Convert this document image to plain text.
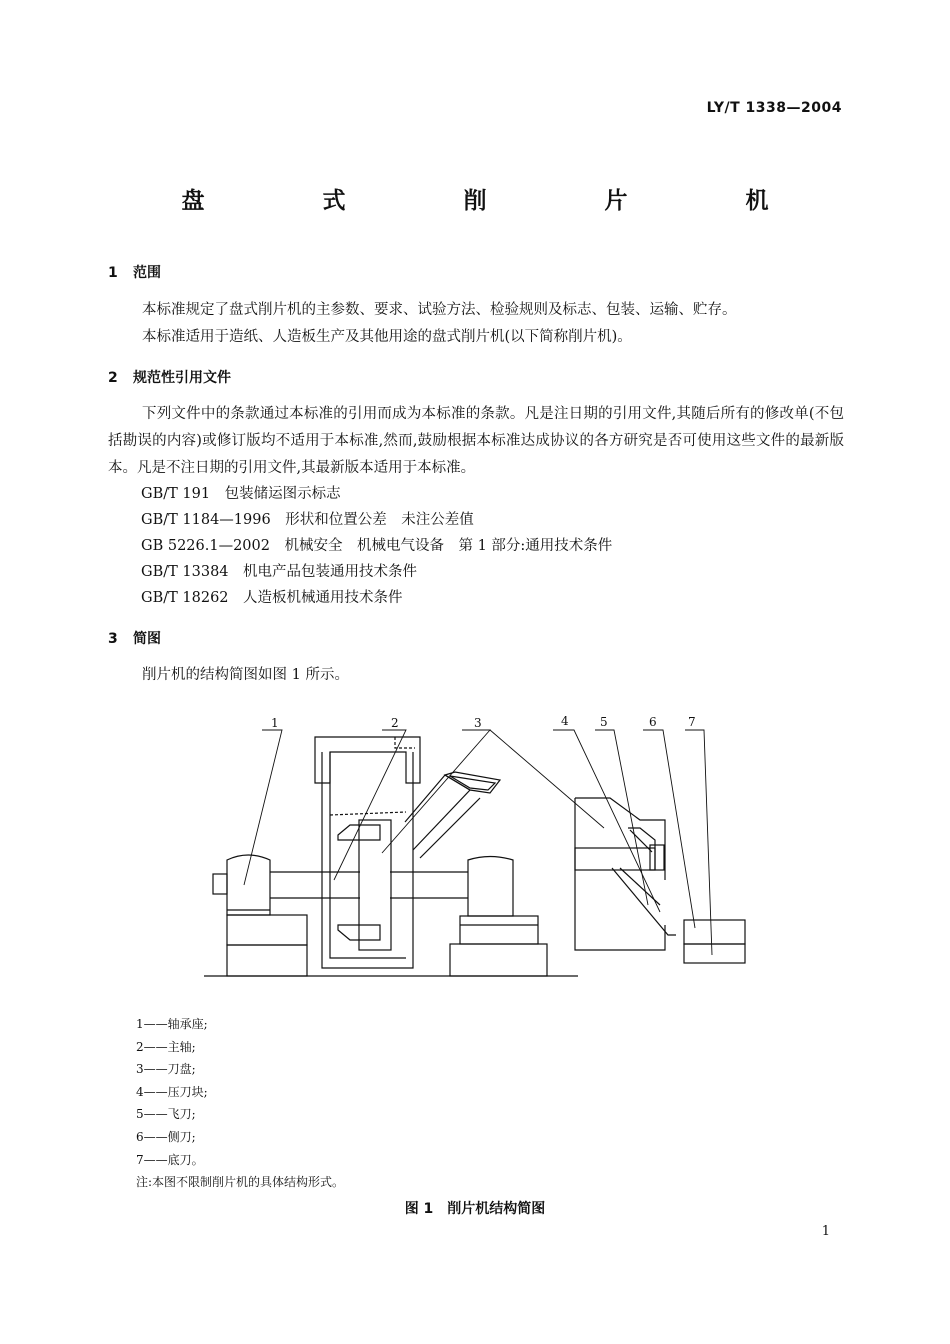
LY/T 1338—2004
盘 式 削 片 机
1 范围
本标准规定了盘式削片机的主参数、要求、试验方法、检验规则及标志、包装、运输、贮存。
本标准适用于造纸、人造板生产及其他用途的盘式削片机(以下简称削片机)。
2 规范性引用文件
下列文件中的条款通过本标准的引用而成为本标准的条款。凡是注日期的引用文件,其随后所有的修改单(不包括勘误的内容)或修订版均不适用于本标准,然而,鼓励根据本标准达成协议的各方研究是否可使用这些文件的最新版本。凡是不注日期的引用文件,其最新版本适用于本标准。
GB/T 191　包装储运图示标志
GB/T 1184—1996　形状和位置公差　未注公差值
GB 5226.1—2002　机械安全　机械电气设备　第 1 部分:通用技术条件
GB/T 13384　机电产品包装通用技术条件
GB/T 18262　人造板机械通用技术条件
3 简图
削片机的结构简图如图 1 所示。
1	2	3	4	5	6	7
1——轴承座;
2——主轴;
3——刀盘;
4——压刀块;
5——飞刀;
6——侧刀;
7——底刀。
注:本图不限制削片机的具体结构形式。
图 1　削片机结构简图
1
